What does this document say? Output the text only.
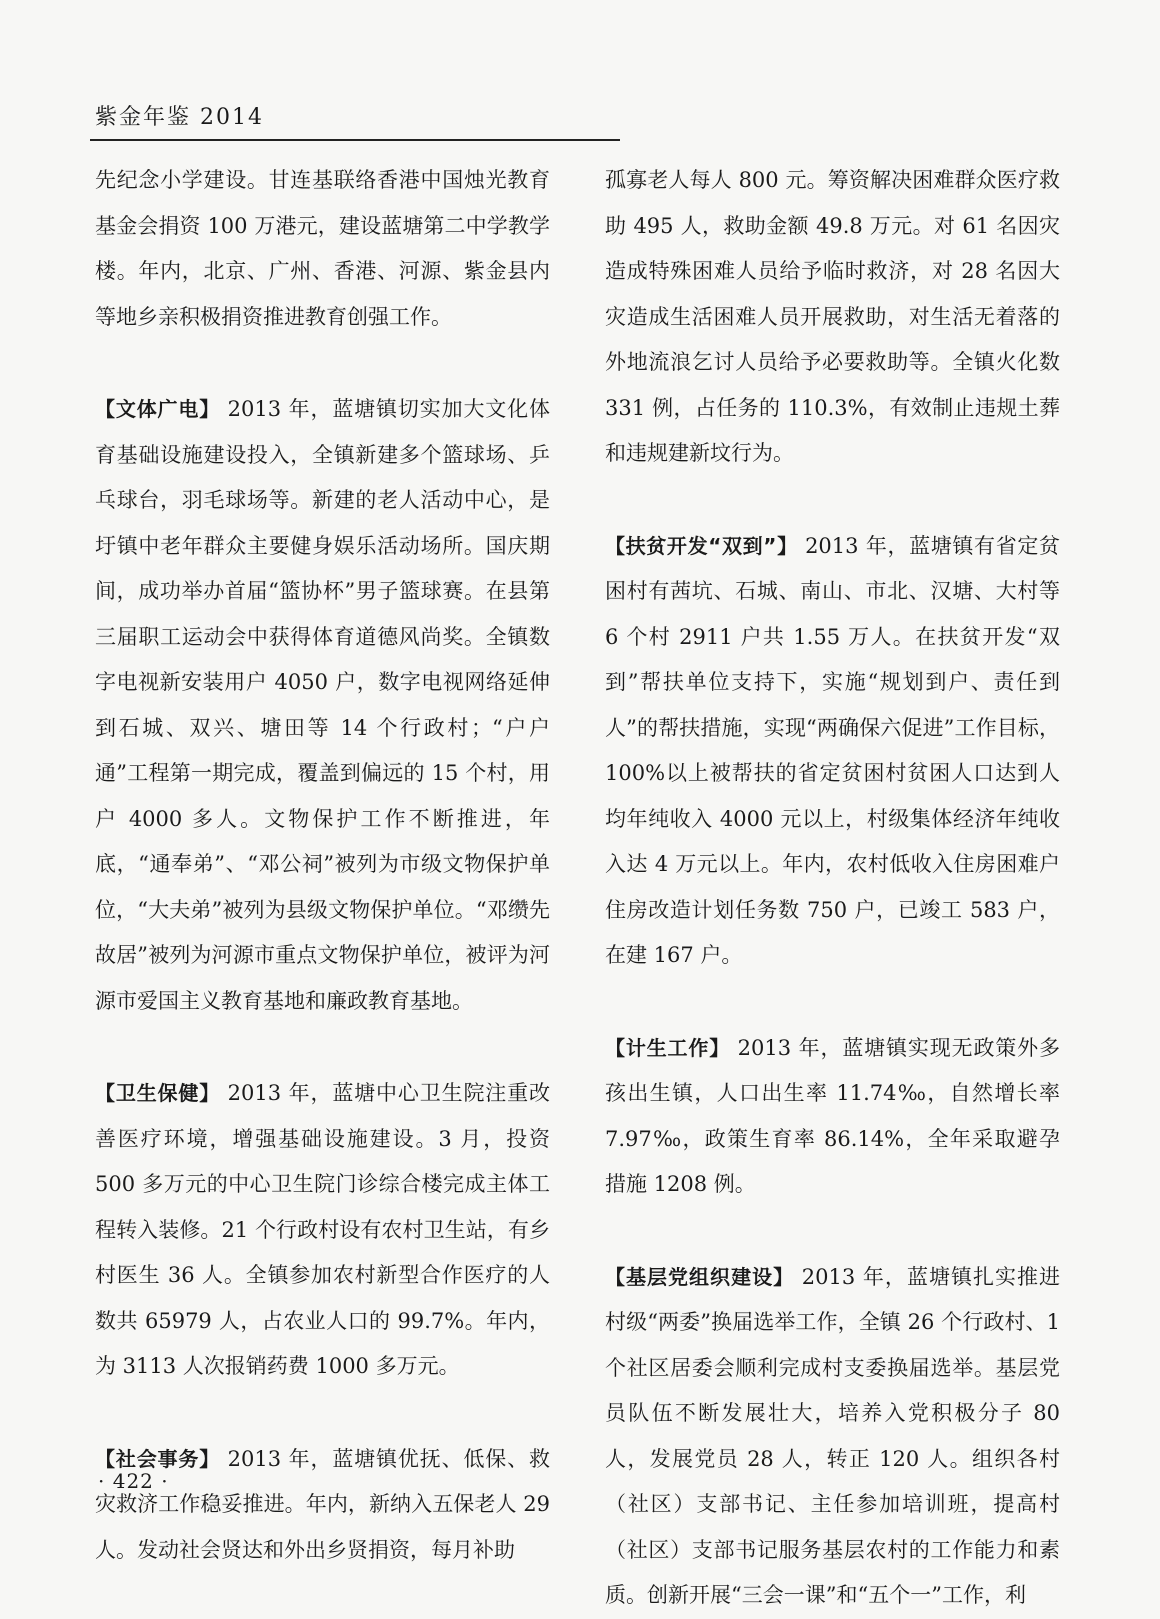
紫金年鉴 2014

先纪念小学建设。甘连基联络香港中国烛光教育基金会捐资 100 万港元，建设蓝塘第二中学教学楼。年内，北京、广州、香港、河源、紫金县内等地乡亲积极捐资推进教育创强工作。

【文体广电】 2013 年，蓝塘镇切实加大文化体育基础设施建设投入，全镇新建多个篮球场、乒乓球台，羽毛球场等。新建的老人活动中心，是圩镇中老年群众主要健身娱乐活动场所。国庆期间，成功举办首届“篮协杯”男子篮球赛。在县第三届职工运动会中获得体育道德风尚奖。全镇数字电视新安装用户 4050 户，数字电视网络延伸到石城、双兴、塘田等 14 个行政村；“户户通”工程第一期完成，覆盖到偏远的 15 个村，用户 4000 多人。文物保护工作不断推进，年底，“通奉弟”、“邓公祠”被列为市级文物保护单位，“大夫弟”被列为县级文物保护单位。“邓缵先故居”被列为河源市重点文物保护单位，被评为河源市爱国主义教育基地和廉政教育基地。

【卫生保健】 2013 年，蓝塘中心卫生院注重改善医疗环境，增强基础设施建设。3 月，投资 500 多万元的中心卫生院门诊综合楼完成主体工程转入装修。21 个行政村设有农村卫生站，有乡村医生 36 人。全镇参加农村新型合作医疗的人数共 65979 人，占农业人口的 99.7%。年内，为 3113 人次报销药费 1000 多万元。

【社会事务】 2013 年，蓝塘镇优抚、低保、救灾救济工作稳妥推进。年内，新纳入五保老人 29 人。发动社会贤达和外出乡贤捐资，每月补助

孤寡老人每人 800 元。筹资解决困难群众医疗救助 495 人，救助金额 49.8 万元。对 61 名因灾造成特殊困难人员给予临时救济，对 28 名因大灾造成生活困难人员开展救助，对生活无着落的外地流浪乞讨人员给予必要救助等。全镇火化数 331 例，占任务的 110.3%，有效制止违规土葬和违规建新坟行为。

【扶贫开发“双到”】 2013 年，蓝塘镇有省定贫困村有茜坑、石城、南山、市北、汉塘、大村等 6 个村 2911 户共 1.55 万人。在扶贫开发“双到”帮扶单位支持下，实施“规划到户、责任到人”的帮扶措施，实现“两确保六促进”工作目标，100%以上被帮扶的省定贫困村贫困人口达到人均年纯收入 4000 元以上，村级集体经济年纯收入达 4 万元以上。年内，农村低收入住房困难户住房改造计划任务数 750 户，已竣工 583 户，在建 167 户。

【计生工作】 2013 年，蓝塘镇实现无政策外多孩出生镇，人口出生率 11.74‰，自然增长率 7.97‰，政策生育率 86.14%，全年采取避孕措施 1208 例。

【基层党组织建设】 2013 年，蓝塘镇扎实推进村级“两委”换届选举工作，全镇 26 个行政村、1 个社区居委会顺利完成村支委换届选举。基层党员队伍不断发展壮大，培养入党积极分子 80 人，发展党员 28 人，转正 120 人。组织各村（社区）支部书记、主任参加培训班，提高村（社区）支部书记服务基层农村的工作能力和素质。创新开展“三会一课”和“五个一”工作，利

· 422 ·
